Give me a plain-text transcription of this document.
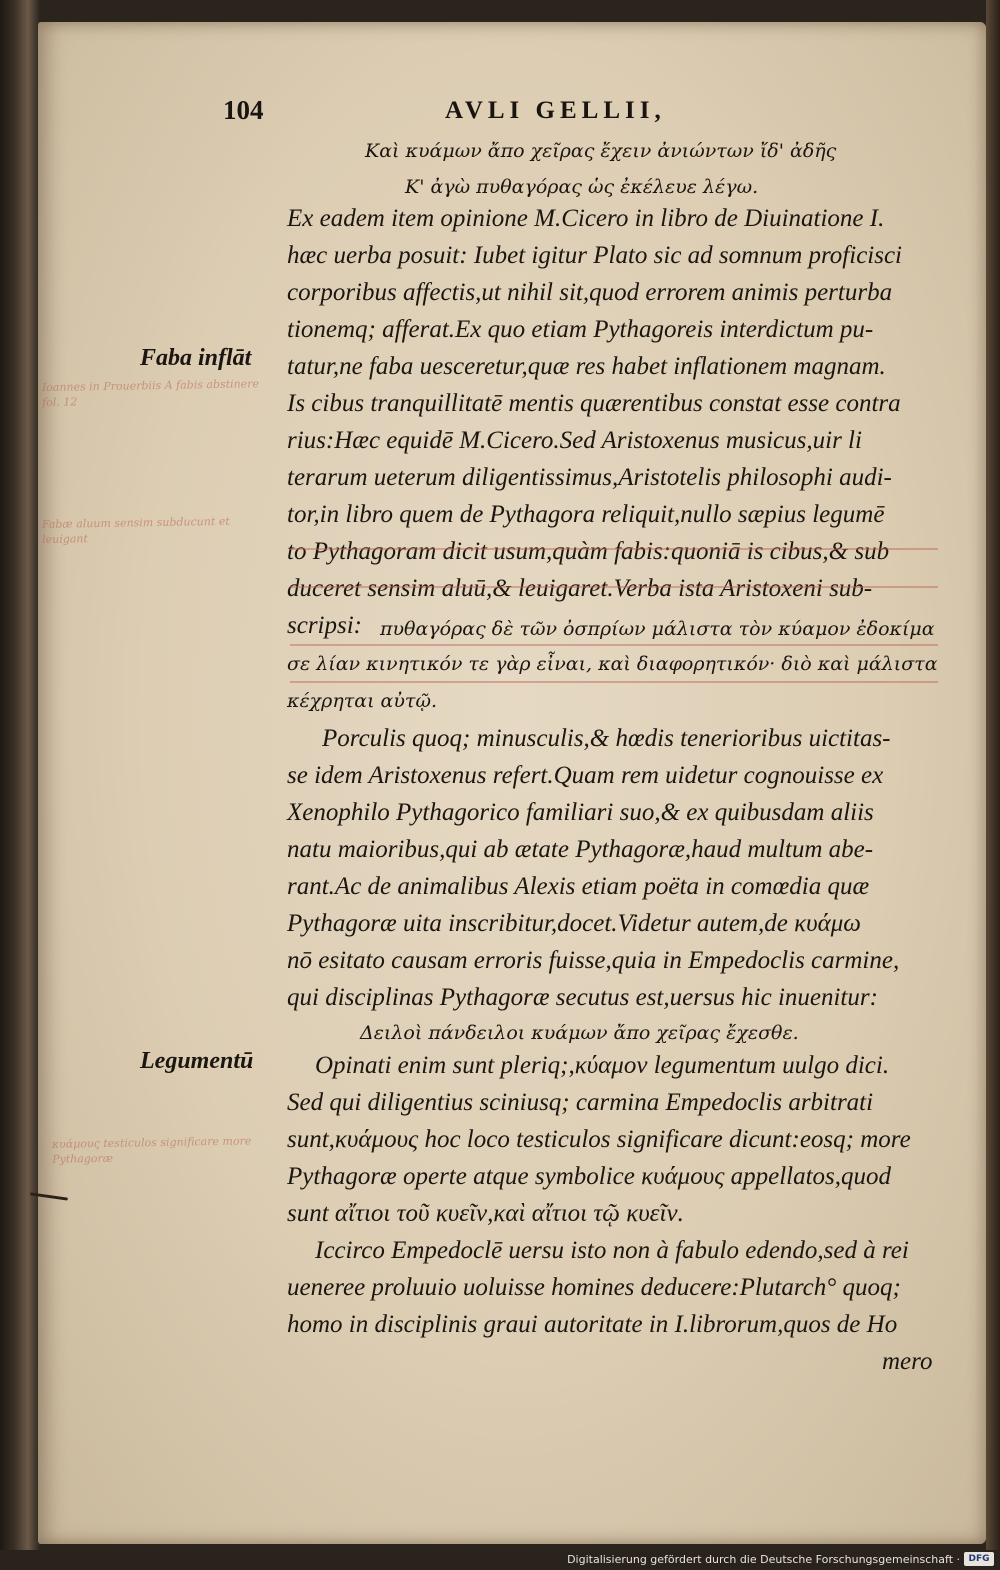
104	AVLI GELLII,
Καὶ κυάμων ἄπο χεῖρας ἔχειν ἀνιώντων ἴδ' ἀδῆς
Κ' ἀγὼ πυθαγόρας ὡς ἐκέλευε λέγω.
Ex eadem item opinione M.Cicero in libro de Diuinatione I.
hæc uerba posuit: Iubet igitur Plato sic ad somnum proficisci
corporibus affectis,ut nihil sit,quod errorem animis perturba
tionemq; afferat.Ex quo etiam Pythagoreis interdictum pu-
tatur,ne faba uesceretur,quæ res habet inflationem magnam.
Is cibus tranquillitatē mentis quærentibus constat esse contra
rius:Hæc equidē M.Cicero.Sed Aristoxenus musicus,uir li
terarum ueterum diligentissimus,Aristotelis philosophi audi-
tor,in libro quem de Pythagora reliquit,nullo sæpius legumē
to Pythagoram dicit usum,quàm fabis:quoniā is cibus,& sub
duceret sensim aluū,& leuigaret.Verba ista Aristoxeni sub-
scripsi: πυθαγόρας δὲ τῶν ὀσπρίων μάλιστα τὸν κύαμον ἐδοκίμα
σε λίαν κινητικόν τε γὰρ εἶναι, καὶ διαφορητικόν· διὸ καὶ μάλιστα
κέχρηται αὐτῷ.
Porculis quoq; minusculis,& hœdis tenerioribus uictitas-
se idem Aristoxenus refert.Quam rem uidetur cognouisse ex
Xenophilo Pythagorico familiari suo,& ex quibusdam aliis
natu maioribus,qui ab ætate Pythagoræ,haud multum abe-
rant.Ac de animalibus Alexis etiam poëta in comœdia quæ
Pythagoræ uita inscribitur,docet.Videtur autem,de κυάμω
nō esitato causam erroris fuisse,quia in Empedoclis carmine,
qui disciplinas Pythagoræ secutus est,uersus hic inuenitur:
Δειλοὶ πάνδειλοι κυάμων ἄπο χεῖρας ἔχεσθε.
Opinati enim sunt pleriq;,κύαμον legumentum uulgo dici.
Sed qui diligentius sciniusq; carmina Empedoclis arbitrati
sunt,κυάμους hoc loco testiculos significare dicunt:eosq; more
Pythagoræ operte atque symbolice κυάμους appellatos,quod
sunt αἴτιοι τοῦ κυεῖν,καὶ αἴτιοι τῷ κυεῖν.
Iccirco Empedoclē uersu isto non à fabulo edendo,sed à rei
ueneree proluuio uoluisse homines deducere:Plutarch° quoq;
homo in disciplinis graui autoritate in I.librorum,quos de Ho
mero
Faba inflāt
Legumentū
Ioannes in Prouerbiis A fabis abstinere fol. 12
Fabæ aluum sensim subducunt et leuigant
κυάμους testiculos significare more Pythagoræ
Digitalisierung gefördert durch die Deutsche Forschungsgemeinschaft · DFG
